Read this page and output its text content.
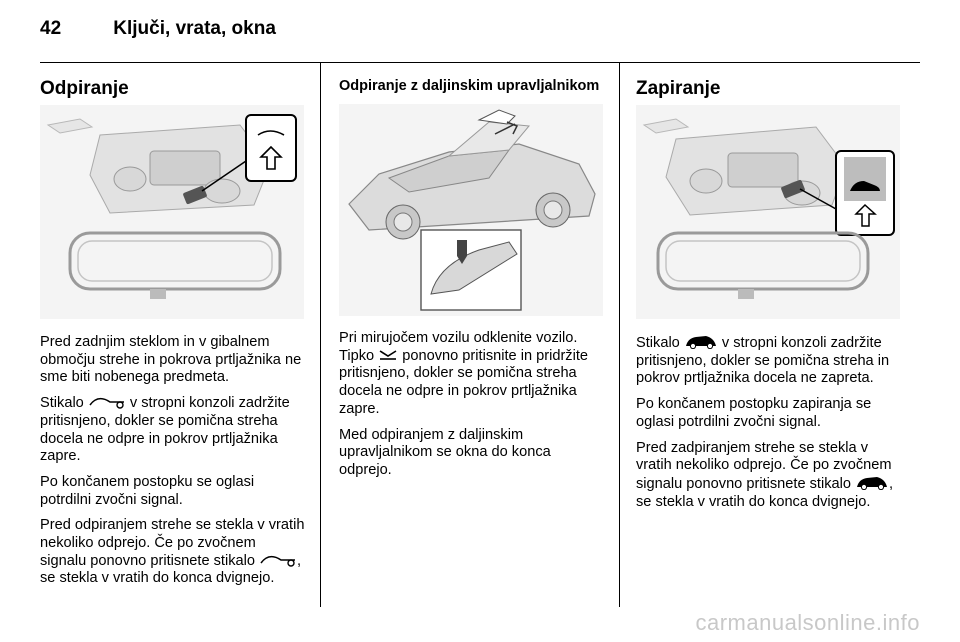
42	Ključi, vrata, okna
Odpiranje

Pred zadnjim steklom in v gibalnem območju strehe in pokrova prtljažnika ne sme biti nobenega predmeta.

Stikalo	v stropni konzoli zadržite pritisnjeno, dokler se pomična streha docela ne odpre in pokrov prtljažnika zapre.

Po končanem postopku se oglasi potrdilni zvočni signal.

Pred odpiranjem strehe se stekla v vratih nekoliko odprejo. Če po zvočnem signalu ponovno pritisnete stikalo	, se stekla v vratih do konca dvignejo.

Odpiranje z daljinskim upravljalnikom

Pri mirujočem vozilu odklenite vozilo.

Tipko  ponovno pritisnite in pridržite pritisnjeno, dokler se pomična streha docela ne odpre in pokrov prtljažnika zapre.

Med odpiranjem z daljinskim upravljalnikom se okna do konca odprejo.

Zapiranje

Stikalo  v stropni konzoli zadržite pritisnjeno, dokler se pomična streha in pokrov prtljažnika docela ne zapreta.

Po končanem postopku zapiranja se oglasi potrdilni zvočni signal.

Pred zadpiranjem strehe se stekla v vratih nekoliko odprejo. Če po zvočnem signalu ponovno pritisnete stikalo , se stekla v vratih do konca dvignejo.

carmanualsonline.info
